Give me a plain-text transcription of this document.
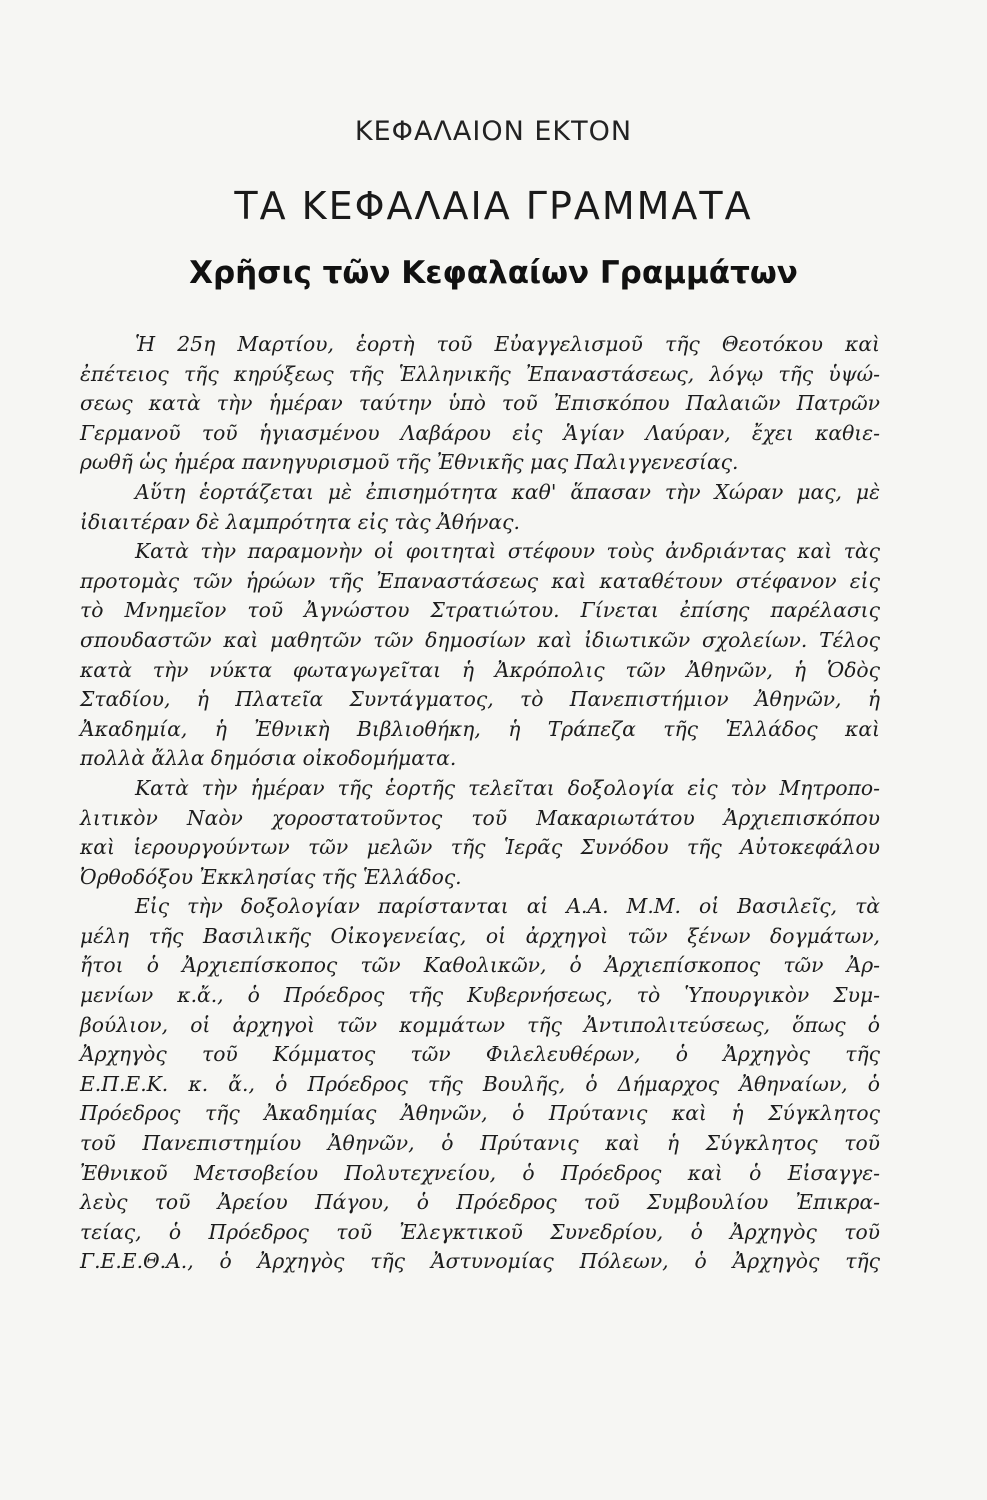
ΚΕΦΑΛΑΙΟΝ ΕΚΤΟΝ
ΤΑ ΚΕΦΑΛΑΙΑ ΓΡΑΜΜΑΤΑ
Χρῆσις τῶν Κεφαλαίων Γραμμάτων

Ἡ 25η Μαρτίου, ἑορτὴ τοῦ Εὐαγγελισμοῦ τῆς Θεοτόκου καὶ
ἐπέτειος τῆς κηρύξεως τῆς Ἑλληνικῆς Ἐπαναστάσεως, λόγῳ τῆς ὑψώ-
σεως κατὰ τὴν ἡμέραν ταύτην ὑπὸ τοῦ Ἐπισκόπου Παλαιῶν Πατρῶν
Γερμανοῦ τοῦ ἡγιασμένου Λαβάρου εἰς Ἁγίαν Λαύραν, ἔχει καθιε-
ρωθῆ ὡς ἡμέρα πανηγυρισμοῦ τῆς Ἐθνικῆς μας Παλιγγενεσίας.

Αὕτη ἑορτάζεται μὲ ἐπισημότητα καθ' ἅπασαν τὴν Χώραν μας, μὲ
ἰδιαιτέραν δὲ λαμπρότητα εἰς τὰς Ἀθήνας.

Κατὰ τὴν παραμονὴν οἱ φοιτηταὶ στέφουν τοὺς ἀνδριάντας καὶ τὰς
προτομὰς τῶν ἡρώων τῆς Ἐπαναστάσεως καὶ καταθέτουν στέφανον εἰς
τὸ Μνημεῖον τοῦ Ἀγνώστου Στρατιώτου. Γίνεται ἐπίσης παρέλασις
σπουδαστῶν καὶ μαθητῶν τῶν δημοσίων καὶ ἰδιωτικῶν σχολείων. Τέλος
κατὰ τὴν νύκτα φωταγωγεῖται ἡ Ἀκρόπολις τῶν Ἀθηνῶν, ἡ Ὁδὸς
Σταδίου, ἡ Πλατεῖα Συντάγματος, τὸ Πανεπιστήμιον Ἀθηνῶν, ἡ
Ἀκαδημία, ἡ Ἐθνικὴ Βιβλιοθήκη, ἡ Τράπεζα τῆς Ἑλλάδος καὶ
πολλὰ ἄλλα δημόσια οἰκοδομήματα.

Κατὰ τὴν ἡμέραν τῆς ἑορτῆς τελεῖται δοξολογία εἰς τὸν Μητροπο-
λιτικὸν Ναὸν χοροστατοῦντος τοῦ Μακαριωτάτου Ἀρχιεπισκόπου
καὶ ἱερουργούντων τῶν μελῶν τῆς Ἱερᾶς Συνόδου τῆς Αὐτοκεφάλου
Ὀρθοδόξου Ἐκκλησίας τῆς Ἑλλάδος.

Εἰς τὴν δοξολογίαν παρίστανται αἱ Α.Α. Μ.Μ. οἱ Βασιλεῖς, τὰ
μέλη τῆς Βασιλικῆς Οἰκογενείας, οἱ ἀρχηγοὶ τῶν ξένων δογμάτων,
ἤτοι ὁ Ἀρχιεπίσκοπος τῶν Καθολικῶν, ὁ Ἀρχιεπίσκοπος τῶν Ἀρ-
μενίων κ.ἄ., ὁ Πρόεδρος τῆς Κυβερνήσεως, τὸ Ὑπουργικὸν Συμ-
βούλιον, οἱ ἀρχηγοὶ τῶν κομμάτων τῆς Ἀντιπολιτεύσεως, ὅπως ὁ
Ἀρχηγὸς τοῦ Κόμματος τῶν Φιλελευθέρων, ὁ Ἀρχηγὸς τῆς
Ε.Π.Ε.Κ. κ. ἄ., ὁ Πρόεδρος τῆς Βουλῆς, ὁ Δήμαρχος Ἀθηναίων, ὁ
Πρόεδρος τῆς Ἀκαδημίας Ἀθηνῶν, ὁ Πρύτανις καὶ ἡ Σύγκλητος
τοῦ Πανεπιστημίου Ἀθηνῶν, ὁ Πρύτανις καὶ ἡ Σύγκλητος τοῦ
Ἐθνικοῦ Μετσοβείου Πολυτεχνείου, ὁ Πρόεδρος καὶ ὁ Εἰσαγγε-
λεὺς τοῦ Ἀρείου Πάγου, ὁ Πρόεδρος τοῦ Συμβουλίου Ἐπικρα-
τείας, ὁ Πρόεδρος τοῦ Ἐλεγκτικοῦ Συνεδρίου, ὁ Ἀρχηγὸς τοῦ
Γ.Ε.Ε.Θ.Α., ὁ Ἀρχηγὸς τῆς Ἀστυνομίας Πόλεων, ὁ Ἀρχηγὸς τῆς
